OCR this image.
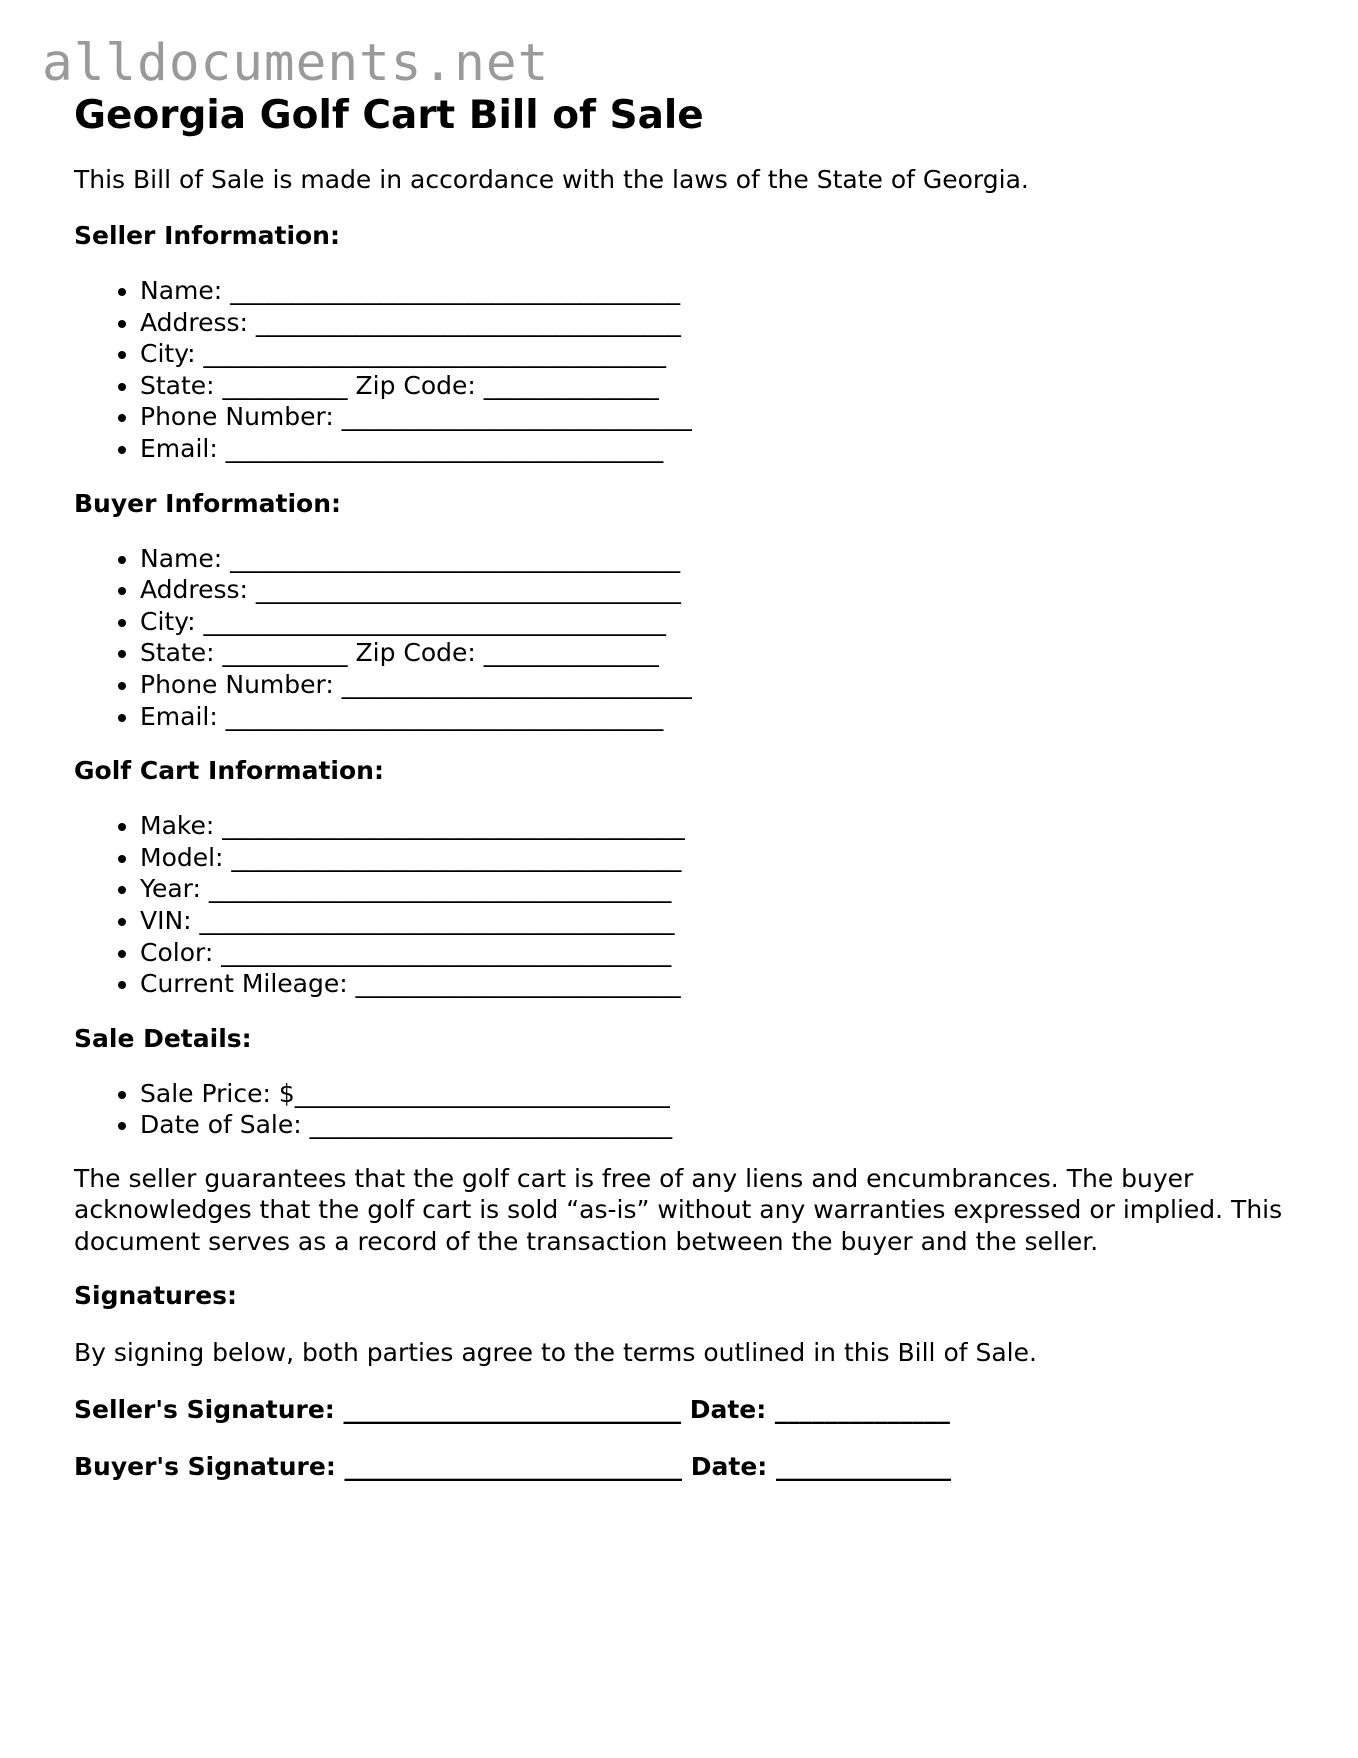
alldocuments.net
Georgia Golf Cart Bill of Sale

This Bill of Sale is made in accordance with the laws of the State of Georgia.

Seller Information:
• Name: ____________________________________
• Address: __________________________________
• City: _____________________________________
• State: __________ Zip Code: ______________
• Phone Number: ____________________________
• Email: ___________________________________
Buyer Information:
• Name: ____________________________________
• Address: __________________________________
• City: _____________________________________
• State: __________ Zip Code: ______________
• Phone Number: ____________________________
• Email: ___________________________________
Golf Cart Information:
• Make: _____________________________________
• Model: ____________________________________
• Year: _____________________________________
• VIN: ______________________________________
• Color: ____________________________________
• Current Mileage: __________________________
Sale Details:
• Sale Price: $______________________________
• Date of Sale: _____________________________

The seller guarantees that the golf cart is free of any liens and encumbrances. The buyer acknowledges that the golf cart is sold “as-is” without any warranties expressed or implied. This document serves as a record of the transaction between the buyer and the seller.

Signatures:

By signing below, both parties agree to the terms outlined in this Bill of Sale.

Seller's Signature: ___________________________ Date: ______________
Buyer's Signature: ___________________________ Date: ______________
